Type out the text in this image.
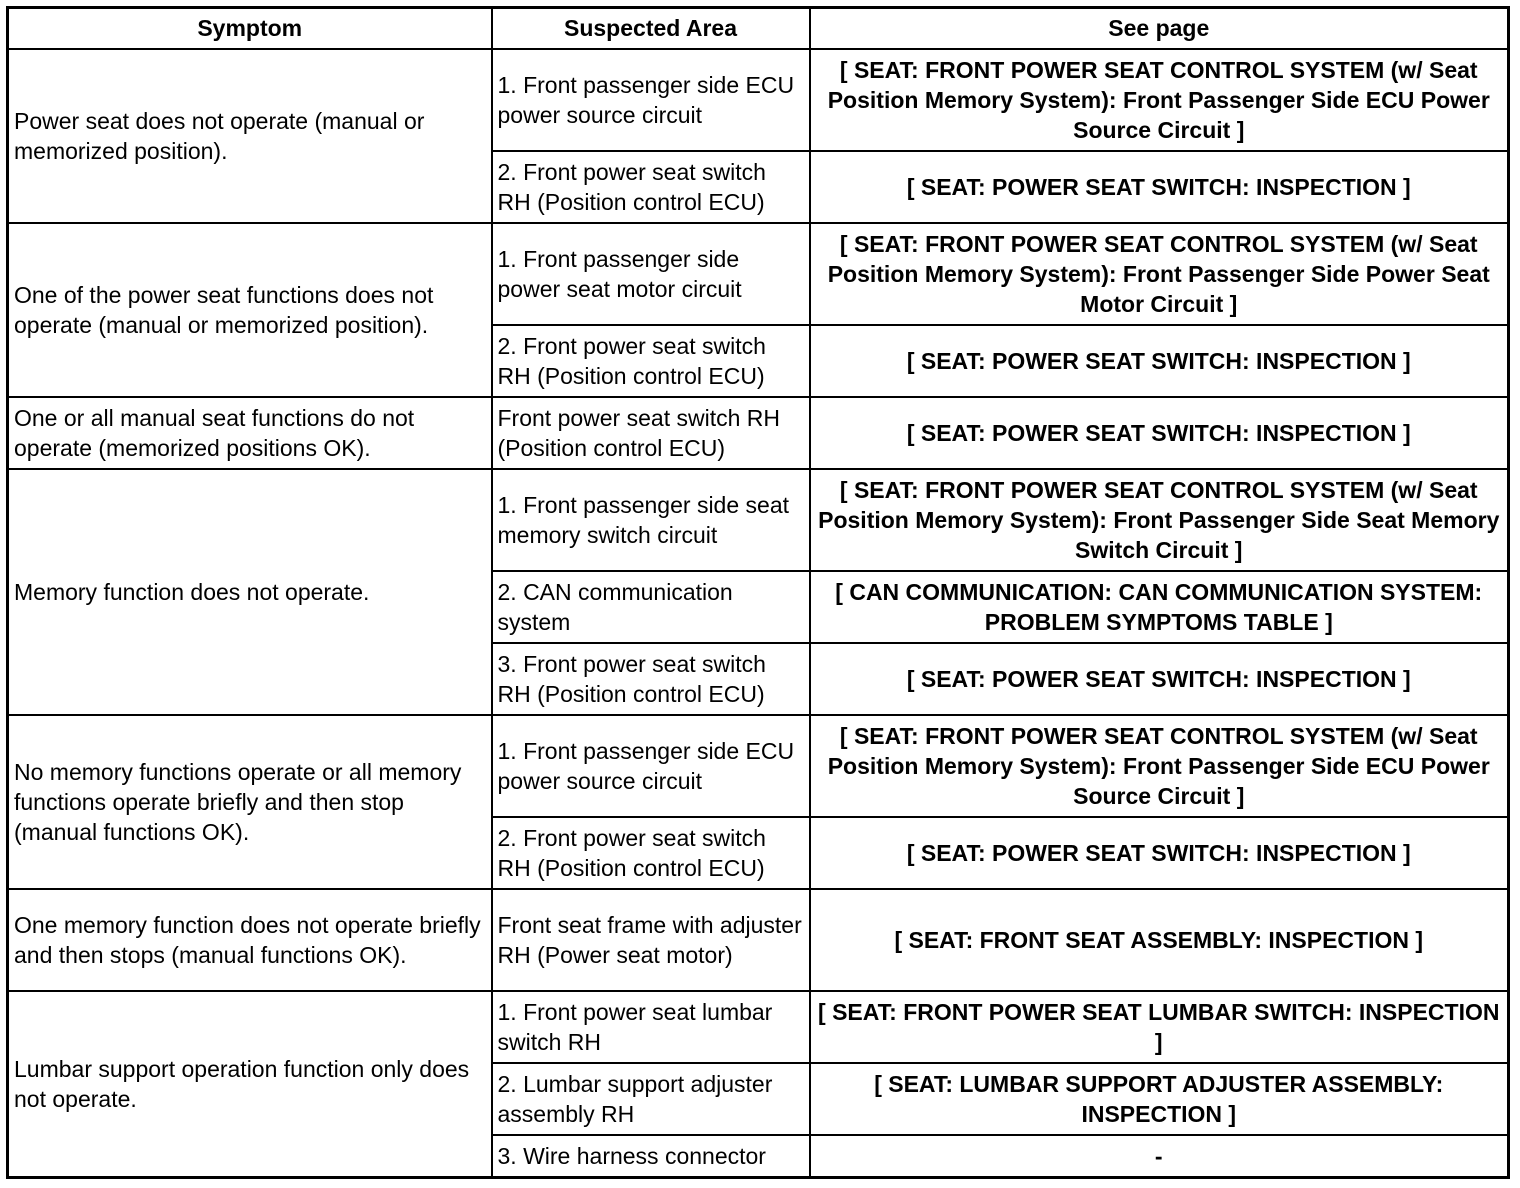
Symptom	Suspected Area	See page
Power seat does not operate (manual or memorized position).	1. Front passenger side ECU power source circuit	[ SEAT: FRONT POWER SEAT CONTROL SYSTEM (w/ Seat Position Memory System): Front Passenger Side ECU Power Source Circuit ]
	2. Front power seat switch RH (Position control ECU)	[ SEAT: POWER SEAT SWITCH: INSPECTION ]
One of the power seat functions does not operate (manual or memorized position).	1. Front passenger side power seat motor circuit	[ SEAT: FRONT POWER SEAT CONTROL SYSTEM (w/ Seat Position Memory System): Front Passenger Side Power Seat Motor Circuit ]
	2. Front power seat switch RH (Position control ECU)	[ SEAT: POWER SEAT SWITCH: INSPECTION ]
One or all manual seat functions do not operate (memorized positions OK).	Front power seat switch RH (Position control ECU)	[ SEAT: POWER SEAT SWITCH: INSPECTION ]
Memory function does not operate.	1. Front passenger side seat memory switch circuit	[ SEAT: FRONT POWER SEAT CONTROL SYSTEM (w/ Seat Position Memory System): Front Passenger Side Seat Memory Switch Circuit ]
	2. CAN communication system	[ CAN COMMUNICATION: CAN COMMUNICATION SYSTEM: PROBLEM SYMPTOMS TABLE ]
	3. Front power seat switch RH (Position control ECU)	[ SEAT: POWER SEAT SWITCH: INSPECTION ]
No memory functions operate or all memory functions operate briefly and then stop (manual functions OK).	1. Front passenger side ECU power source circuit	[ SEAT: FRONT POWER SEAT CONTROL SYSTEM (w/ Seat Position Memory System): Front Passenger Side ECU Power Source Circuit ]
	2. Front power seat switch RH (Position control ECU)	[ SEAT: POWER SEAT SWITCH: INSPECTION ]
One memory function does not operate briefly and then stops (manual functions OK).	Front seat frame with adjuster RH (Power seat motor)	[ SEAT: FRONT SEAT ASSEMBLY: INSPECTION ]
Lumbar support operation function only does not operate.	1. Front power seat lumbar switch RH	[ SEAT: FRONT POWER SEAT LUMBAR SWITCH: INSPECTION ]
	2. Lumbar support adjuster assembly RH	[ SEAT: LUMBAR SUPPORT ADJUSTER ASSEMBLY: INSPECTION ]
	3. Wire harness connector	-
